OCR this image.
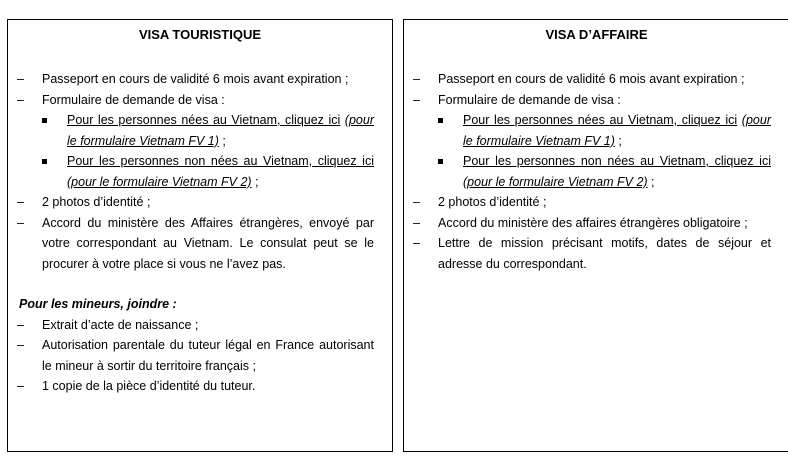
VISA TOURISTIQUE
– Passeport en cours de validité 6 mois avant expiration ;
– Formulaire de demande de visa :
Pour les personnes nées au Vietnam, cliquez ici (pour le formulaire Vietnam FV 1) ;
Pour les personnes non nées au Vietnam, cliquez ici (pour le formulaire Vietnam FV 2) ;
– 2 photos d’identité ;
– Accord du ministère des Affaires étrangères, envoyé par votre correspondant au Vietnam. Le consulat peut se le procurer à votre place si vous ne l’avez pas.
Pour les mineurs, joindre :
– Extrait d’acte de naissance ;
– Autorisation parentale du tuteur légal en France autorisant le mineur à sortir du territoire français ;
– 1 copie de la pièce d’identité du tuteur.
VISA D’AFFAIRE
– Passeport en cours de validité 6 mois avant expiration ;
– Formulaire de demande de visa :
Pour les personnes nées au Vietnam, cliquez ici (pour le formulaire Vietnam FV 1) ;
Pour les personnes non nées au Vietnam, cliquez ici (pour le formulaire Vietnam FV 2) ;
– 2 photos d’identité ;
– Accord du ministère des affaires étrangères obligatoire ;
– Lettre de mission précisant motifs, dates de séjour et adresse du correspondant.
